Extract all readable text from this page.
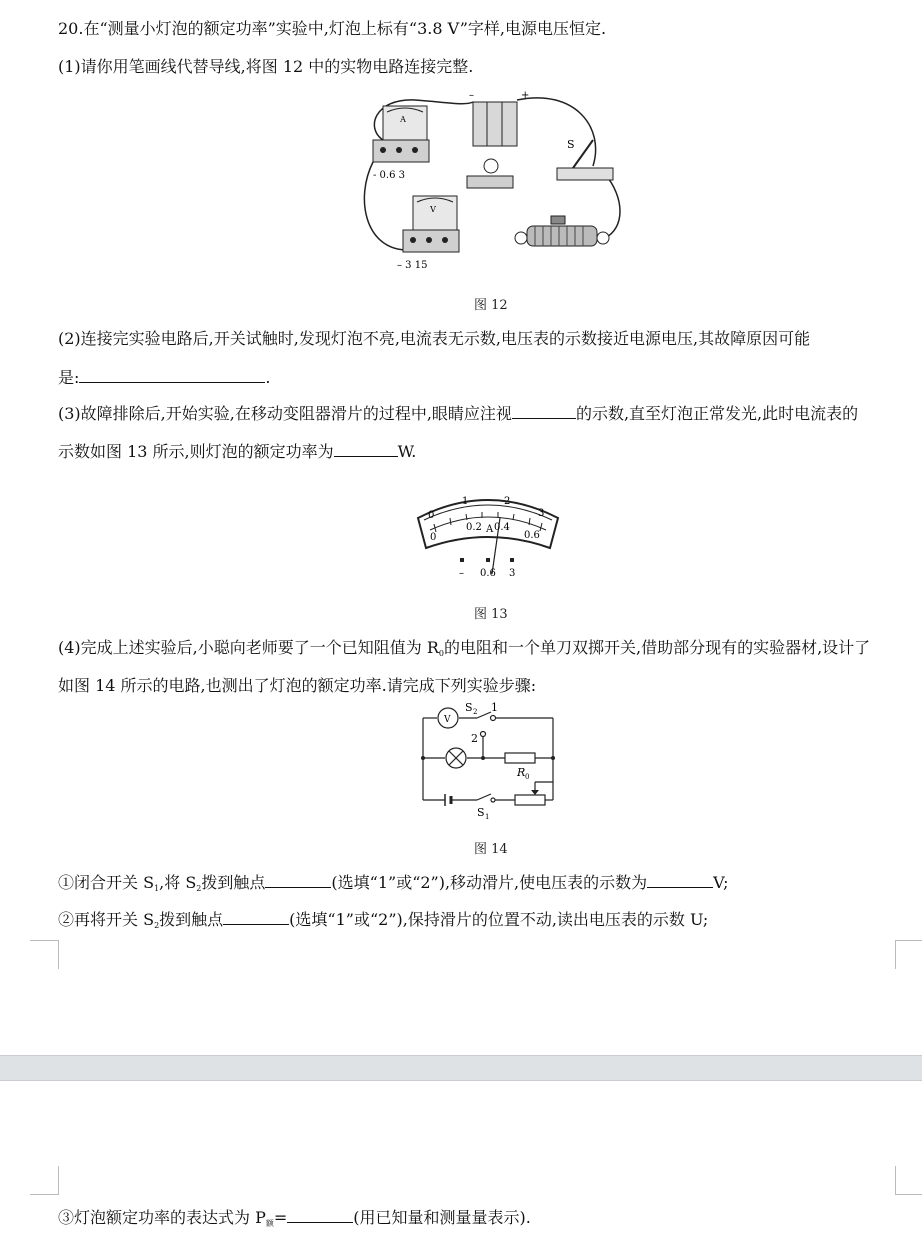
20.在“测量小灯泡的额定功率”实验中,灯泡上标有“3.8 V”字样,电源电压恒定.
(1)请你用笔画线代替导线,将图 12 中的实物电路连接完整.
A
- 0.6 3
–	+
S
V
– 3 15
图 12
(2)连接完实验电路后,开关试触时,发现灯泡不亮,电流表无示数,电压表的示数接近电源电压,其故障原因可能
是:	.
(3)故障排除后,开始实验,在移动变阻器滑片的过程中,眼睛应注视	的示数,直至灯泡正常发光,此时电流表的
示数如图 13 所示,则灯泡的额定功率为	W.
0
1	2
3
0
0.2 0.4
0.6
A
– 0.6 3
图 13
(4)完成上述实验后,小聪向老师要了一个已知阻值为 $R_0$的电阻和一个单刀双掷开关,借助部分现有的实验器材,设计了
如图 14 所示的电路,也测出了灯泡的额定功率.请完成下列实验步骤:
V
S 2 1
2
R 0
S 1
图 14
①闭合开关 $S_1$,将 $S_2$拨到触点	(选填“1”或“2”),移动滑片,使电压表的示数为	V;
②再将开关 $S_2$拨到触点	(选填“1”或“2”),保持滑片的位置不动,读出电压表的示数 U;
③灯泡额定功率的表达式为 $P_额=$	(用已知量和测量量表示).
